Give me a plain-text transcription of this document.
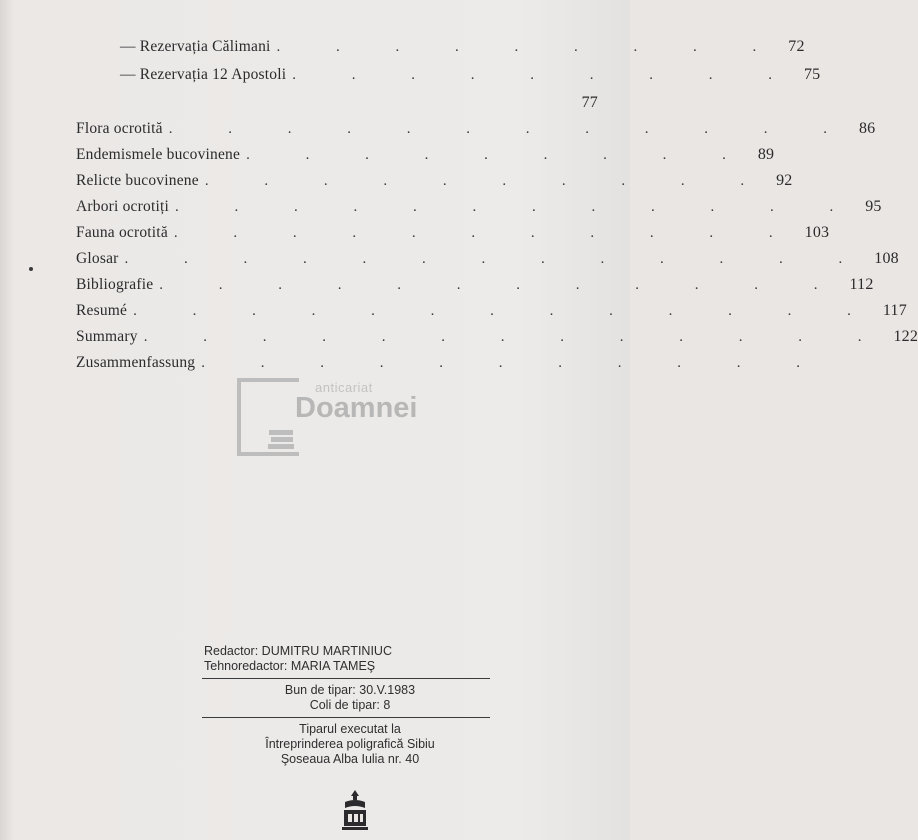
— Rezervația Călimani . . . . . . . . . 72
— Rezervația 12 Apostoli . . . . . . . . . 75
77
Flora ocrotită . . . . . . . . . . . . 86
Endemismele bucovinene . . . . . . . . . 89
Relicte bucovinene . . . . . . . . . . 92
Arbori ocrotiți . . . . . . . . . . . . 95
Fauna ocrotită . . . . . . . . . . . 103
Glosar . . . . . . . . . . . . . 108
Bibliografie . . . . . . . . . . . . 112
Resumé . . . . . . . . . . . . . 117
Summary . . . . . . . . . . . . . 122
Zusammenfassung . . . . . . . . . . .
anticariat
Doamnei
Redactor: DUMITRU MARTINIUC
Tehnoredactor: MARIA TAMEŞ
Bun de tipar: 30.V.1983
Coli de tipar: 8
Tiparul executat la
Întreprinderea poligrafică Sibiu
Şoseaua Alba Iulia nr. 40
